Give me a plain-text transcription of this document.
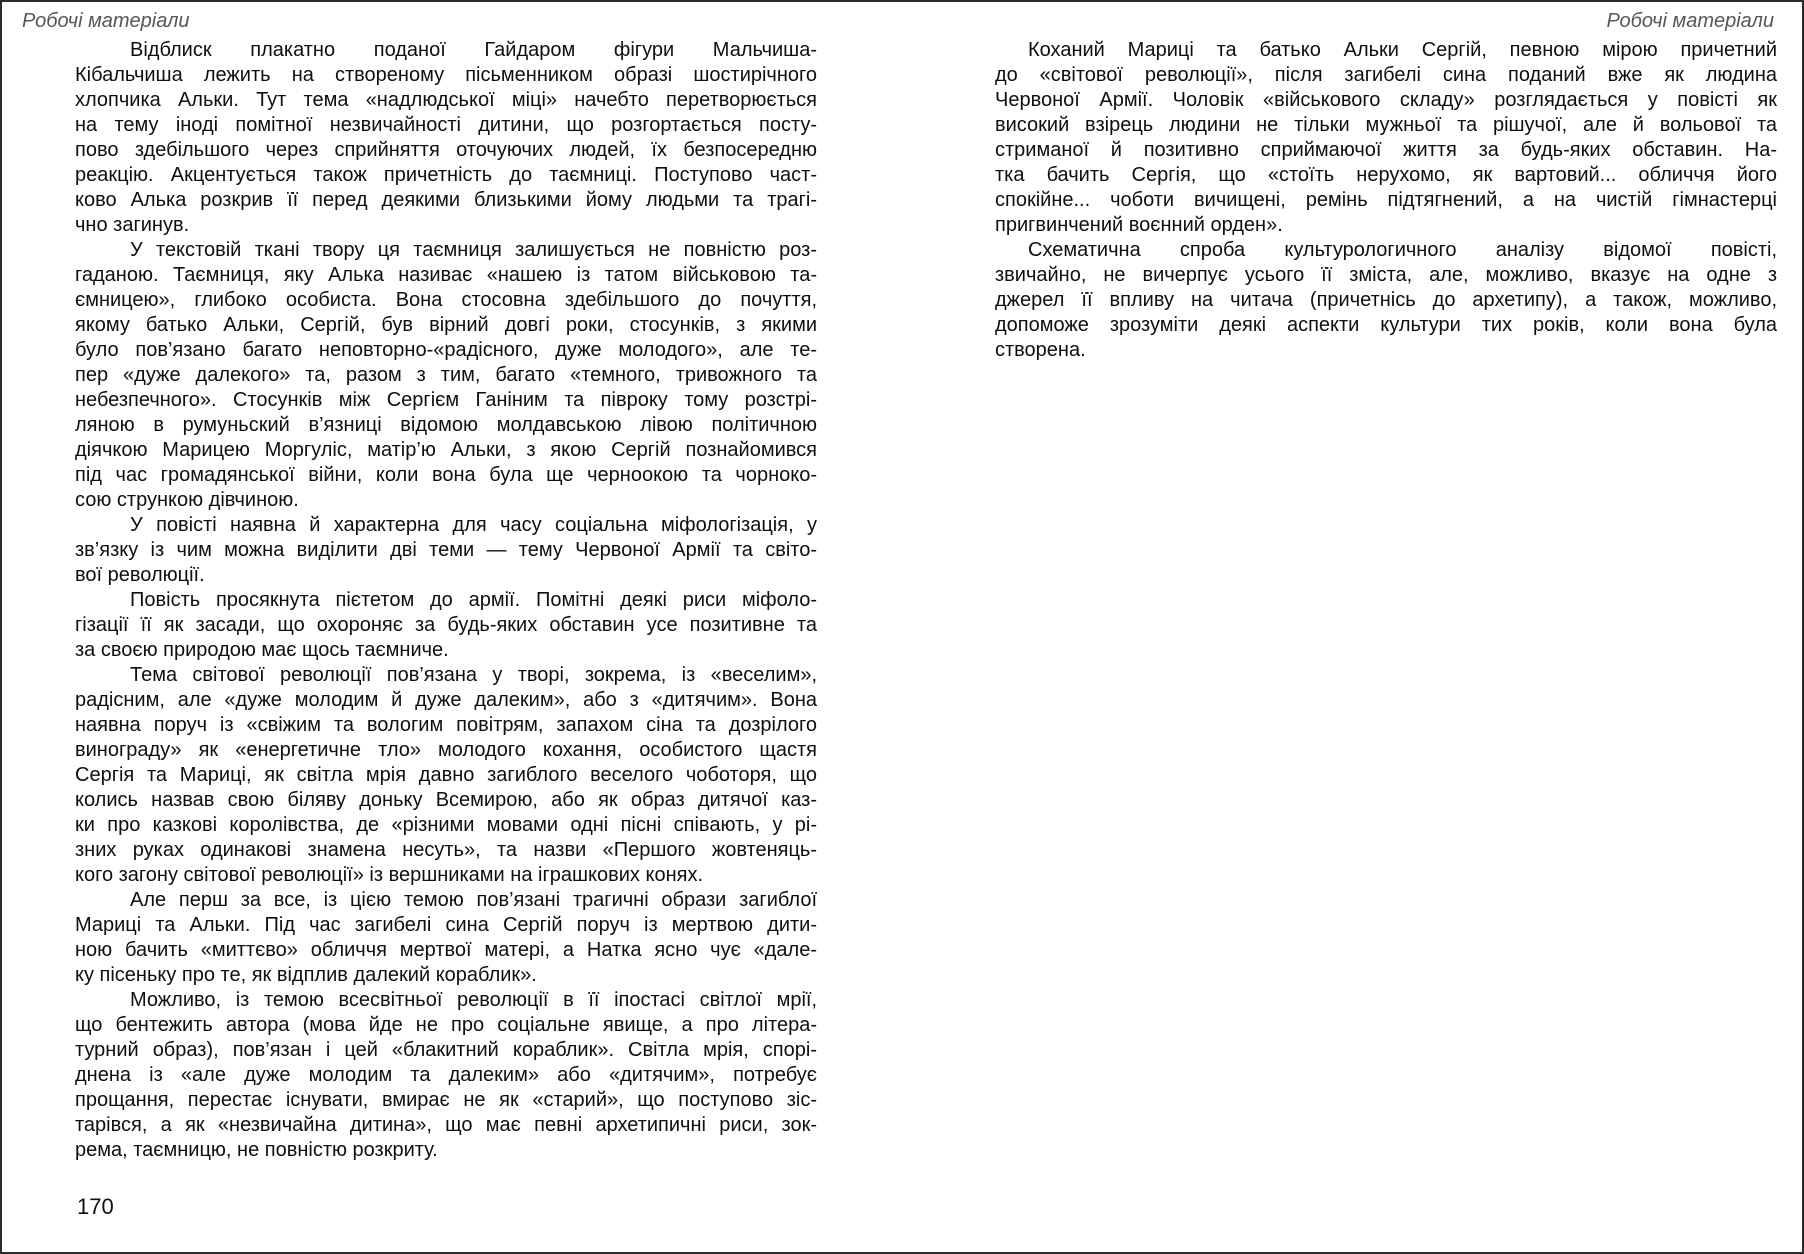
Робочі матеріали	Робочі матеріали
Відблиск плакатно поданої Гайдаром фігури Мальчиша-
Кібальчиша лежить на створеному пісьменником образі шостирічного
хлопчика Альки. Тут тема «надлюдської міці» начебто перетворюється
на тему іноді помітної незвичайності дитини, що розгортається посту-
пово здебільшого через сприйняття оточуючих людей, їх безпосередню
реакцію. Акцентується також причетність до таємниці. Поступово част-
ково Алька розкрив її перед деякими близькими йому людьми та трагі-
чно загинув.
У текстовій ткані твору ця таємниця залишується не повністю роз-
гаданою. Таємниця, яку Алька називає «нашею із татом військовою та-
ємницею», глибоко особиста. Вона стосовна здебільшого до почуття,
якому батько Альки, Сергій, був вірний довгі роки, стосунків, з якими
було пов’язано багато неповторно-«радісного, дуже молодого», але те-
пер «дуже далекого» та, разом з тим, багато «темного, тривожного та
небезпечного». Стосунків між Сергієм Ганіним та півроку тому розстрі-
ляною в румуньский в’язниці відомою молдавською лівою політичною
діячкою Марицею Моргуліс, матір’ю Альки, з якою Сергій познайомився
під час громадянської війни, коли вона була ще черноокою та чорноко-
сою стрункою дівчиною.
У повісті наявна й характерна для часу соціальна міфологізація, у
зв’язку із чим можна виділити дві теми — тему Червоної Армії та світо-
вої революції.
Повість просякнута пієтетом до армії. Помітні деякі риси міфоло-
гізації її як засади, що охороняє за будь-яких обставин усе позитивне та
за своєю природою має щось таємниче.
Тема світової революції пов’язана у творі, зокрема, із «веселим»,
радісним, але «дуже молодим й дуже далеким», або з «дитячим». Вона
наявна поруч із «свіжим та вологим повітрям, запахом сіна та дозрілого
винограду» як «енергетичне тло» молодого кохання, особистого щастя
Сергія та Мариці, як світла мрія давно загиблого веселого чоботоря, що
колись назвав свою біляву доньку Всемирою, або як образ дитячої каз-
ки про казкові королівства, де «різними мовами одні пісні співають, у рі-
зних руках одинакові знамена несуть», та назви «Першого жовтеняць-
кого загону світової революції» із вершниками на іграшкових конях.
Але перш за все, із цією темою пов’язані трагичні образи загиблої
Мариці та Альки. Під час загибелі сина Сергій поруч із мертвою дити-
ною бачить «миттєво» обличчя мертвої матері, а Натка ясно чує «дале-
ку пісеньку про те, як відплив далекий кораблик».
Можливо, із темою всесвітньої революції в її іпостасі світлої мрії,
що бентежить автора (мова йде не про соціальне явище, а про літера-
турний образ), пов’язан і цей «блакитний кораблик». Світла мрія, спорі-
днена із «але дуже молодим та далеким» або «дитячим», потребує
прощання, перестає існувати, вмирає не як «старий», що поступово зіс-
тарівся, а як «незвичайна дитина», що має певні архетипичні риси, зок-
рема, таємницю, не повністю розкриту.
Коханий Мариці та батько Альки Сергій, певною мірою причетний
до «світової революції», після загибелі сина поданий вже як людина
Червоної Армії. Чоловік «військового складу» розглядається у повісті як
високий взірець людини не тільки мужньої та рішучої, але й вольової та
стриманої й позитивно сприймаючої життя за будь-яких обставин. На-
тка бачить Сергія, що «стоїть нерухомо, як вартовий... обличчя його
спокійне... чоботи вичищені, ремінь підтягнений, а на чистій гімнастерці
пригвинчений воєнний орден».
Схематична спроба культурологичного аналізу відомої повісті,
звичайно, не вичерпує усього її зміста, але, можливо, вказує на одне з
джерел її впливу на читача (причетнісь до архетипу), а також, можливо,
допоможе зрозуміти деякі аспекти культури тих років, коли вона була
створена.
170
